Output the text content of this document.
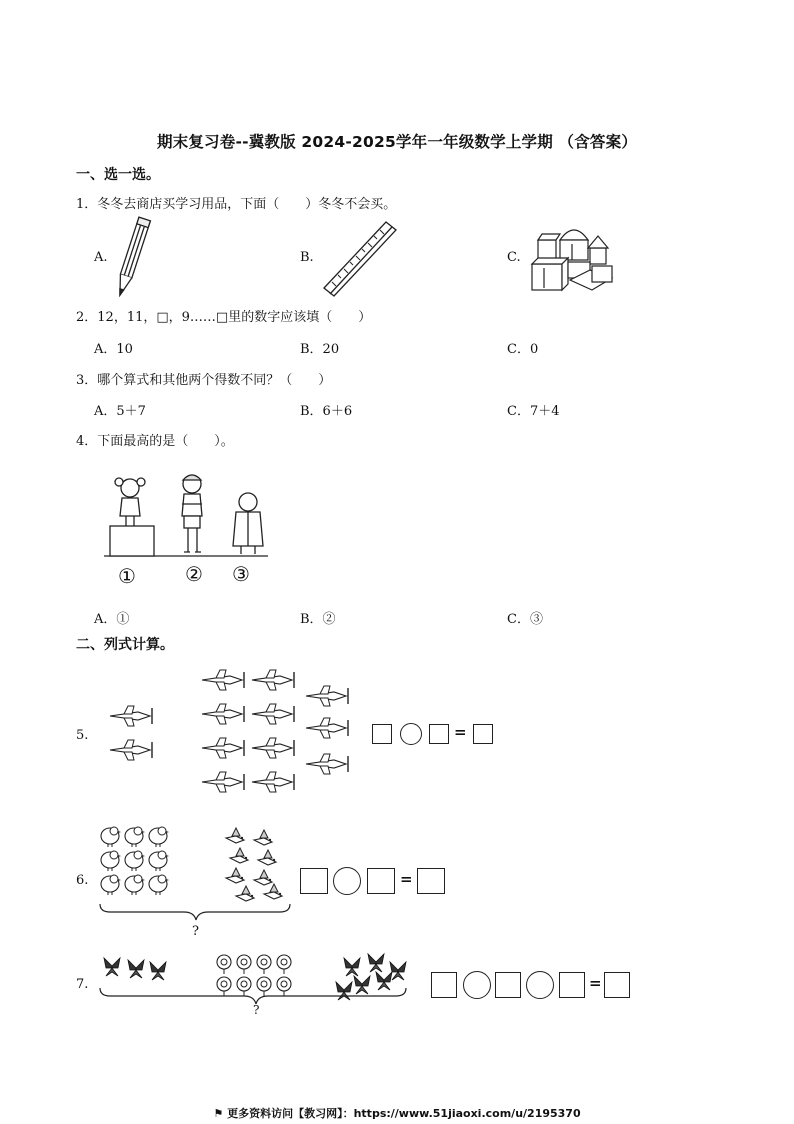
期末复习卷--冀教版 2024-2025学年一年级数学上学期 （含答案）
一、选一选。
1．冬冬去商店买学习用品，下面（　　）冬冬不会买。
A.	B.	C.
2．12，11，□，9……□里的数字应该填（　　）
A．10	B．20	C．0
3．哪个算式和其他两个得数不同？（　　）
A．5＋7	B．6＋6	C．7＋4
4．下面最高的是（　　）。
① ② ③
A．①	B．②	C．③
二、列式计算。
5.	=
6.
?
=
7.
?
=
⚑ 更多资料访问【教习网】：https://www.51jiaoxi.com/u/2195370
